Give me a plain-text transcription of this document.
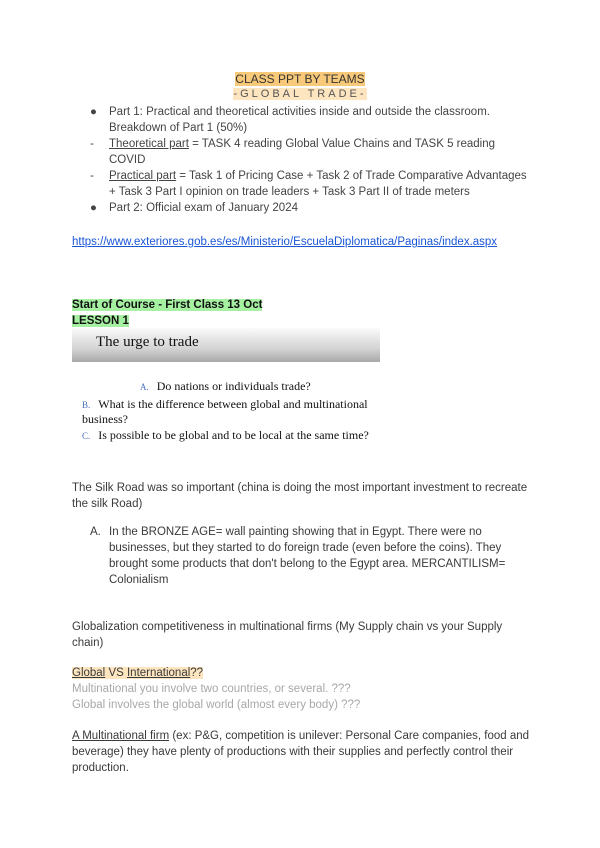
CLASS PPT BY TEAMS
-GLOBAL TRADE-
● Part 1: Practical and theoretical activities inside and outside the classroom. Breakdown of Part 1 (50%)
- Theoretical part = TASK 4 reading Global Value Chains and TASK 5 reading COVID
- Practical part = Task 1 of Pricing Case + Task 2 of Trade Comparative Advantages + Task 3 Part I opinion on trade leaders + Task 3 Part II of trade meters
● Part 2: Official exam of January 2024
https://www.exteriores.gob.es/es/Ministerio/EscuelaDiplomatica/Paginas/index.aspx
Start of Course - First Class 13 Oct
LESSON 1
The urge to trade
A. Do nations or individuals trade?
B. What is the difference between global and multinational business?
C. Is possible to be global and to be local at the same time?
The Silk Road was so important (china is doing the most important investment to recreate the silk Road)
A. In the BRONZE AGE= wall painting showing that in Egypt. There were no businesses, but they started to do foreign trade (even before the coins). They brought some products that don't belong to the Egypt area. MERCANTILISM= Colonialism
Globalization competitiveness in multinational firms (My Supply chain vs your Supply chain)
Global VS International??
Multinational you involve two countries, or several. ???
Global involves the global world (almost every body) ???
A Multinational firm (ex: P&G, competition is unilever: Personal Care companies, food and beverage) they have plenty of productions with their supplies and perfectly control their production.
